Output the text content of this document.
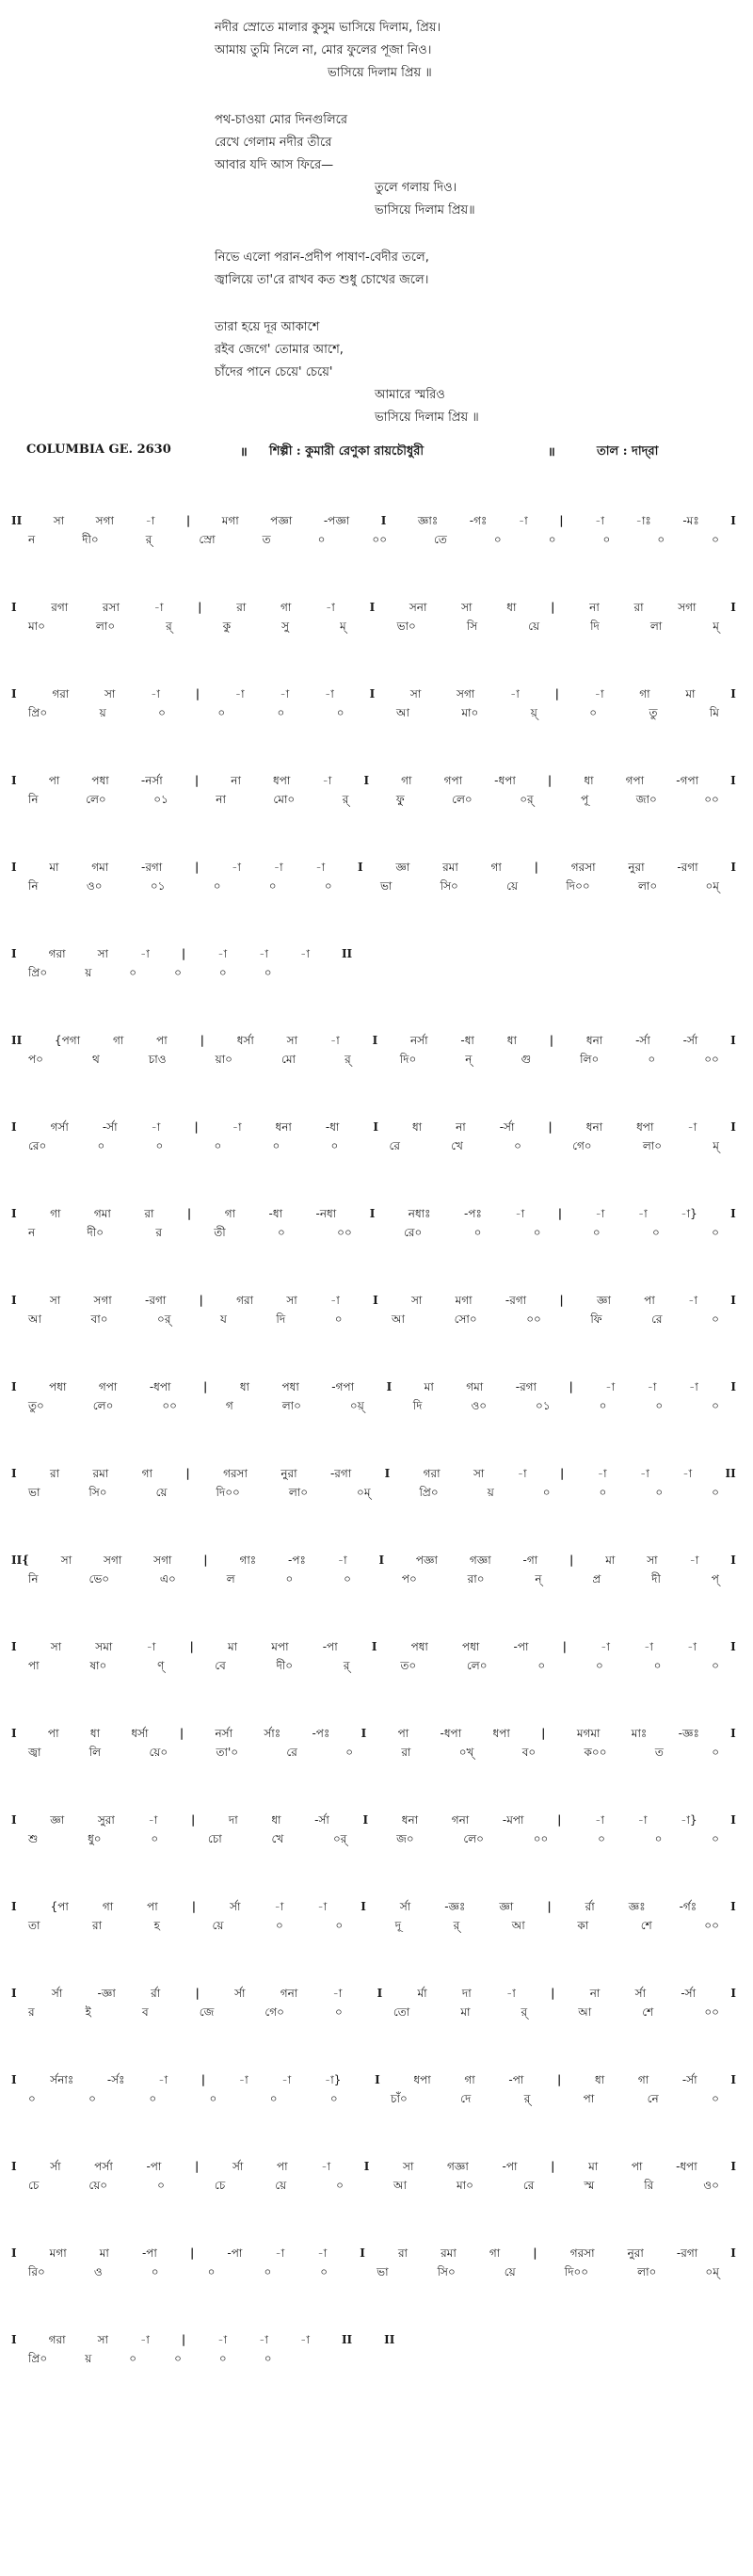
নদীর স্রোতে মালার কুসুম ভাসিয়ে দিলাম, প্রিয়।
আমায় তুমি নিলে না, মোর ফুলের পূজা নিও।
ভাসিয়ে দিলাম প্রিয় ॥
পথ-চাওয়া মোর দিনগুলিরে
রেখে গেলাম নদীর তীরে
আবার যদি আস ফিরে—
তুলে গলায় দিও।
ভাসিয়ে দিলাম প্রিয়॥
নিভে এলো পরান-প্রদীপ পাষাণ-বেদীর তলে,
জ্বালিয়ে তা'রে রাখব কত শুধু চোখের জলে।
তারা হয়ে দূর আকাশে
রইব জেগে' তোমার আশে,
চাঁদের পানে চেয়ে' চেয়ে'
আমারে স্মরিও
ভাসিয়ে দিলাম প্রিয় ॥
COLUMBIA GE. 2630	॥ শিল্পী : কুমারী রেণুকা রায়চৌধুরী	॥	তাল : দাদ্‌রা
II	সা	সগা	-া	|	মগা	পজ্ঞা	-পজ্ঞা	I	জ্ঞাঃ	-গঃ	-া	|	-া	-াঃ	-মঃ	I
ন	দী০	র্	স্রো	ত	০	০০	তে	০	০	০	০	০
I	রগা	রসা	-া	|	রা	গা	-া	I	সনা	সা	ধা	|	না	রা	সগা	I
মা০	লা০	র্	কু	সু	ম্	ভা০	সি	য়ে	দি	লা	ম্
I	গরা	সা	-া	|	-া	-া	-া	I	সা	সগা	-া	|	-া	গা	মা	I
প্রি০	য়	০	০	০	০	আ	মা০	য়্	০	তু	মি
I	পা	পধা	-নর্সা	|	না	ধপা	-া	I	গা	গপা	-ধপা	|	ধা	গপা	-গপা	I
নি	লে০	০১	না	মো০	র্	ফু	লে০	০র্	পূ	জা০	০০
I	মা	গমা	-রগা	|	-া	-া	-া	I	জ্ঞা	রমা	গা	|	গরসা	নুরা	-রগা	I
নি	ও০	০১	০	০	০	ভা	সি০	য়ে	দি০০	লা০	০ম্
I	গরা	সা	-া	|	-া	-া	-া	II
প্রি০	য়	০	০	০	০
II	{পগা	গা	পা	|	ধর্সা	সা	-া	I	নর্সা	-ধা	ধা	|	ধনা	-র্সা	-র্সা	I
প০	থ	চাও	য়া০	মো	র্	দি০	ন্	গু	লি০	০	০০
I	গর্সা	-র্সা	-া	|	-া	ধনা	-ধা	I	ধা	না	-র্সা	|	ধনা	ধপা	-া	I
রে০	০	০	০	০	০	রে	খে	০	গে০	লা০	ম্
I	গা	গমা	রা	|	গা	-ধা	-নধা	I	নধাঃ	-পঃ	-া	|	-া	-া	-া}	I
ন	দী০	র	তী	০	০০	রে০	০	০	০	০	০
I	সা	সগা	-রগা	|	গরা	সা	-া	I	সা	মগা	-রগা	|	জ্ঞা	পা	-া	I
আ	বা০	০র্	য	দি	০	আ	সো০	০০	ফি	রে	০
I	পধা	গপা	-ধপা	|	ধা	পধা	-গপা	I	মা	গমা	-রগা	|	-া	-া	-া	I
তু০	লে০	০০	গ	লা০	০য়্	দি	ও০	০১	০	০	০
I	রা	রমা	গা	|	গরসা	নুরা	-রগা	I	গরা	সা	-া	|	-া	-া	-া	II
ভা	সি০	য়ে	দি০০	লা০	০ম্	প্রি০	য়	০	০	০	০
II{	সা	সগা	সগা	|	গাঃ	-পঃ	-া	I	পজ্ঞা	গজ্ঞা	-গা	|	মা	সা	-া	I
নি	ভে০	এ০	ল	০	০	প০	রা০	ন্	প্র	দী	প্
I	সা	সমা	-া	|	মা	মপা	-পা	I	পধা	পধা	-পা	|	-া	-া	-া	I
পা	ষা০	ণ্	বে	দী০	র্	ত০	লে০	০	০	০	০
I	পা	ধা	ধর্সা	|	নর্সা	র্সাঃ	-পঃ	I	পা	-ধপা	ধপা	|	মগমা	মাঃ	-জ্ঞঃ	I
জ্বা	লি	য়ে০	তা'০	রে	০	রা	০খ্	ব০	ক০০	ত	০
I	জ্ঞা	সুরা	-া	|	দা	ধা	-র্সা	I	ধনা	গনা	-মপা	|	-া	-া	-া}	I
শু	ধু০	০	চো	খে	০র্	জ০	লে০	০০	০	০	০
I	{পা	গা	পা	|	র্সা	-া	-া	I	র্সা	-জ্ঞঃ	জ্ঞা	|	র্রা	জ্ঞঃ	-র্গঃ	I
তা	রা	হ	য়ে	০	০	দূ	র্	আ	কা	শে	০০
I	র্সা	-জ্ঞা	র্রা	|	র্সা	গনা	-া	I	র্মা	দা	-া	|	না	র্সা	-র্সা	I
র	ই	ব	জে	গে০	০	তো	মা	র্	আ	শে	০০
I	র্সনাঃ	-র্সঃ	-া	|	-া	-া	-া}	I	ধপা	গা	-পা	|	ধা	গা	-র্সা	I
০	০	০	০	০	০	চাঁ০	দে	র্	পা	নে	০
I	র্সা	পর্সা	-পা	|	র্সা	পা	-া	I	সা	গজ্ঞা	-পা	|	মা	পা	-ধপা	I
চে	য়ে০	০	চে	য়ে	০	আ	মা০	রে	স্ম	রি	ও০
I	মগা	মা	-পা	|	-পা	-া	-া	I	রা	রমা	গা	|	গরসা	নুরা	-রগা	I
রি০	ও	০	০	০	০	ভা	সি০	য়ে	দি০০	লা০	০ম্
I	গরা	সা	-া	|	-া	-া	-া	II	II
প্রি০	য়	০	০	০	০
